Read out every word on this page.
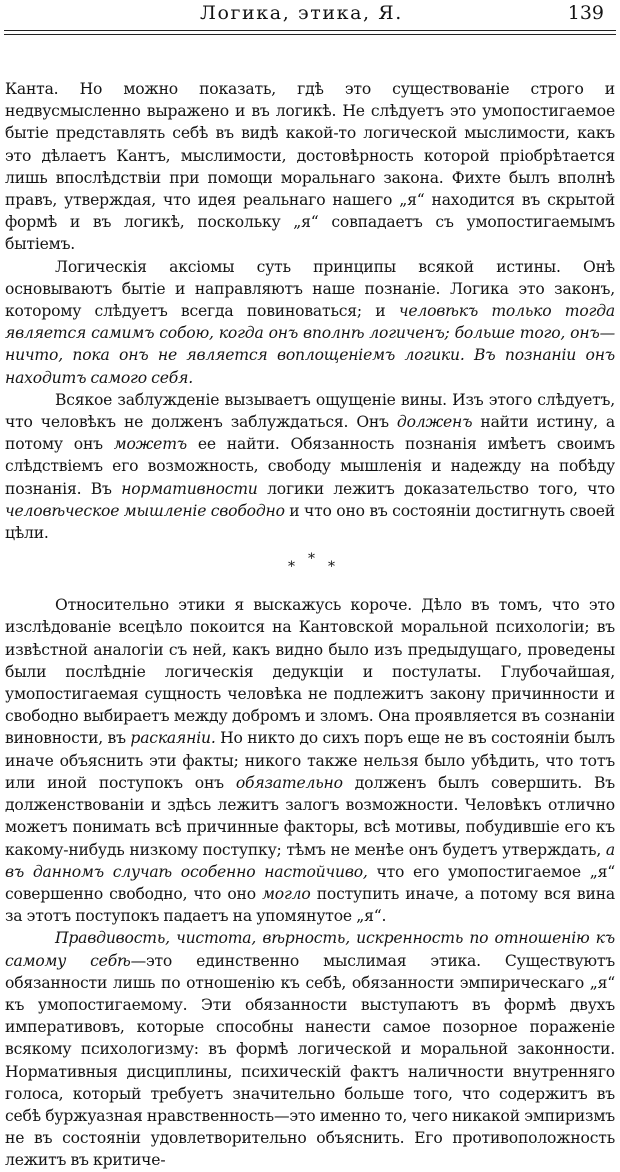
Логика, этика, Я.	139

Канта. Но можно показать, гдѣ это существованіе строго и недвусмысленно выражено и въ логикѣ. Не слѣдуетъ это умопостигаемое бытіе представлять себѣ въ видѣ какой-то логической мыслимости, какъ это дѣлаетъ Кантъ, мыслимости, достовѣрность которой пріобрѣтается лишь впослѣдствіи при помощи моральнаго закона. Фихте былъ вполнѣ правъ, утверждая, что идея реальнаго нашего „я“ находится въ скрытой формѣ и въ логикѣ, поскольку „я“ совпадаетъ съ умопостигаемымъ бытіемъ.

Логическія аксіомы суть принципы всякой истины. Онѣ основываютъ бытіе и направляютъ наше познаніе. Логика это законъ, которому слѣдуетъ всегда повиноваться; и человѣкъ только тогда является самимъ собою, когда онъ вполнѣ логиченъ; больше того, онъ—ничто, пока онъ не является воплощеніемъ логики. Въ познаніи онъ находитъ самого себя.

Всякое заблужденіе вызываетъ ощущеніе вины. Изъ этого слѣдуетъ, что человѣкъ не долженъ заблуждаться. Онъ долженъ найти истину, а потому онъ можетъ ее найти. Обязанность познанія имѣетъ своимъ слѣдствіемъ его возможность, свободу мышленія и надежду на побѣду познанія. Въ нормативности логики лежитъ доказательство того, что человѣческое мышленіе свободно и что оно въ состояніи достигнуть своей цѣли.

* * *

Относительно этики я выскажусь короче. Дѣло въ томъ, что это изслѣдованіе всецѣло покоится на Кантовской моральной психологіи; въ извѣстной аналогіи съ ней, какъ видно было изъ предыдущаго, проведены были послѣдніе логическія дедукціи и постулаты. Глубочайшая, умопостигаемая сущность человѣка не подлежитъ закону причинности и свободно выбираетъ между добромъ и зломъ. Она проявляется въ сознаніи виновности, въ раскаяніи. Но никто до сихъ поръ еще не въ состояніи былъ иначе объяснить эти факты; никого также нельзя было убѣдить, что тотъ или иной поступокъ онъ обязательно долженъ былъ совершить. Въ долженствованіи и здѣсь лежитъ залогъ возможности. Человѣкъ отлично можетъ понимать всѣ причинные факторы, всѣ мотивы, побудившіе его къ какому-нибудь низкому поступку; тѣмъ не менѣе онъ будетъ утверждать, а въ данномъ случаѣ особенно настойчиво, что его умопостигаемое „я“ совершенно свободно, что оно могло поступить иначе, а потому вся вина за этотъ поступокъ падаетъ на упомянутое „я“.

Правдивость, чистота, вѣрность, искренность по отношенію къ самому себѣ—это единственно мыслимая этика. Существуютъ обязанности лишь по отношенію къ себѣ, обязанности эмпирическаго „я“ къ умопостигаемому. Эти обязанности выступаютъ въ формѣ двухъ императивовъ, которые способны нанести самое позорное пораженіе всякому психологизму: въ формѣ логической и моральной законности. Нормативныя дисциплины, психическій фактъ наличности внутренняго голоса, который требуетъ значительно больше того, что содержитъ въ себѣ буржуазная нравственность—это именно то, чего никакой эмпиризмъ не въ состояніи удовлетворительно объяснить. Его противоположность лежитъ въ критиче-
